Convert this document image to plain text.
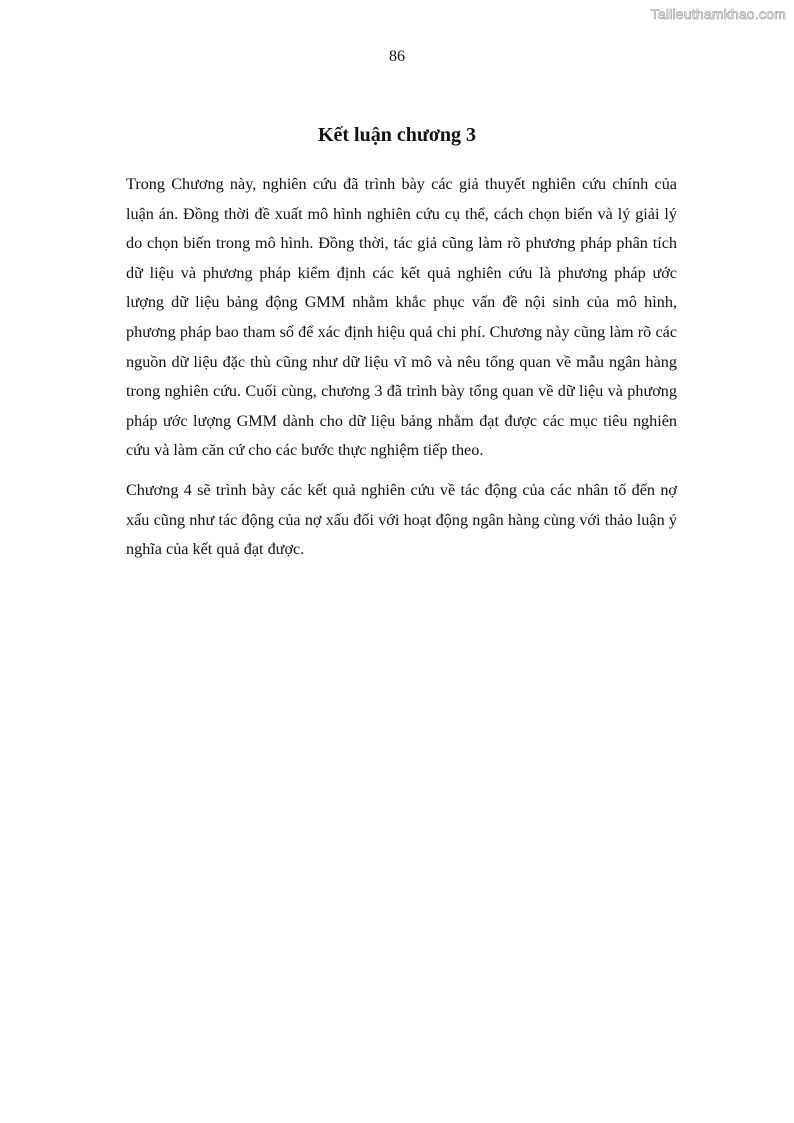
Tailieuthamkhao.com
86
Kết luận chương 3

Trong Chương này, nghiên cứu đã trình bày các giả thuyết nghiên cứu chính của luận án. Đồng thời đề xuất mô hình nghiên cứu cụ thể, cách chọn biến và lý giải lý do chọn biến trong mô hình. Đồng thời, tác giả cũng làm rõ phương pháp phân tích dữ liệu và phương pháp kiểm định các kết quả nghiên cứu là phương pháp ước lượng dữ liệu bảng động GMM nhằm khắc phục vấn đề nội sinh của mô hình, phương pháp bao tham số để xác định hiệu quả chi phí. Chương này cũng làm rõ các nguồn dữ liệu đặc thù cũng như dữ liệu vĩ mô và nêu tổng quan về mẫu ngân hàng trong nghiên cứu. Cuối cùng, chương 3 đã trình bày tổng quan về dữ liệu và phương pháp ước lượng GMM dành cho dữ liệu bảng nhằm đạt được các mục tiêu nghiên cứu và làm căn cứ cho các bước thực nghiệm tiếp theo.

Chương 4 sẽ trình bày các kết quả nghiên cứu về tác động của các nhân tố đến nợ xấu cũng như tác động của nợ xấu đối với hoạt động ngân hàng cùng với thảo luận ý nghĩa của kết quả đạt được.
